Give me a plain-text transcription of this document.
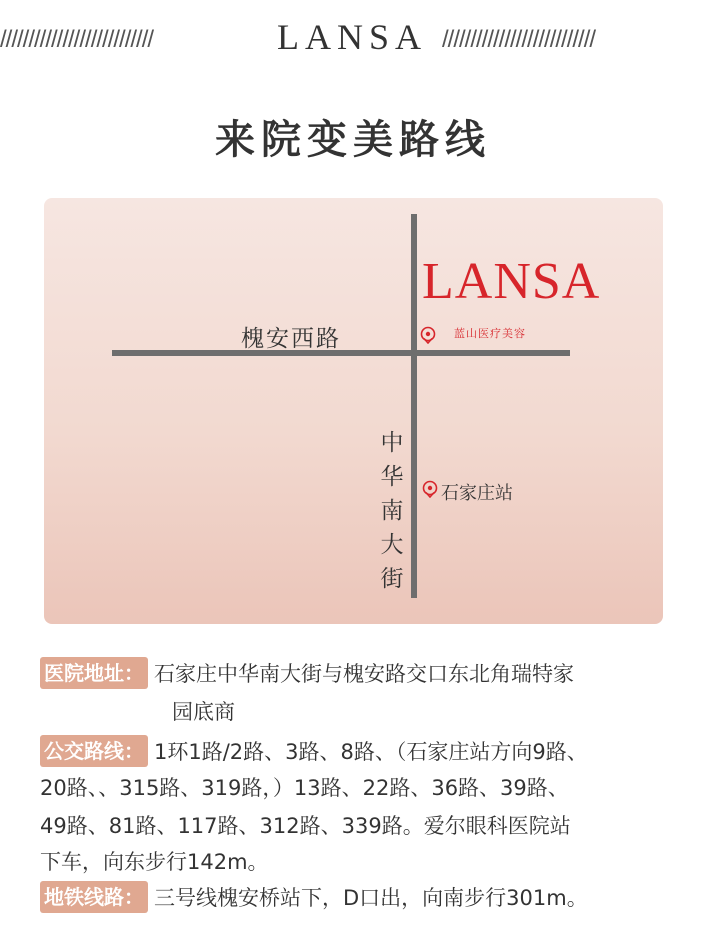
///////////////////////////	LANSA ///////////////////////////
来院变美路线
槐安西路
中华南大街
LANSA
蓝山医疗美容
石家庄站
医院地址： 石家庄中华南大街与槐安路交口东北角瑞特家
园底商
公交路线： 1环1路/2路、3路、8路、（石家庄站方向9路、
20路、、315路、319路，）13路、22路、36路、39路、
49路、81路、117路、312路、339路。爱尔眼科医院站
下车，向东步行142m。
地铁线路： 三号线槐安桥站下，D口出，向南步行301m。
